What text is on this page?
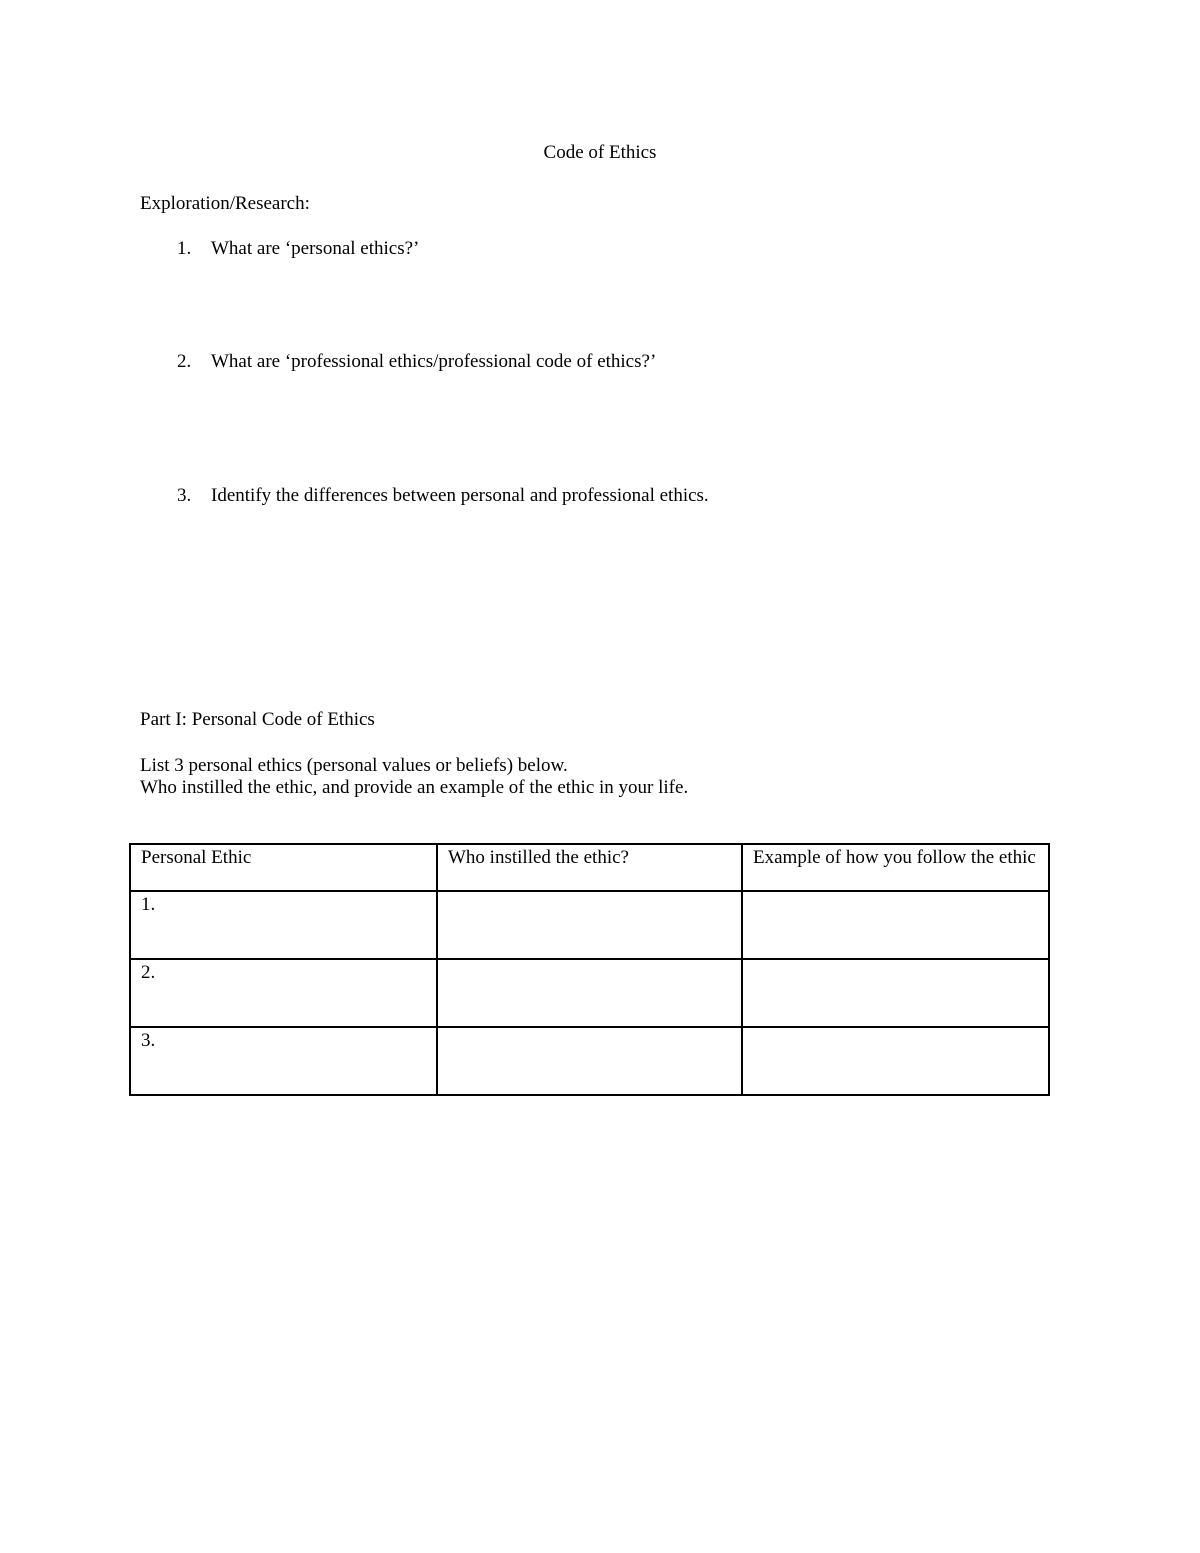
Code of Ethics
Exploration/Research:
1. What are ‘personal ethics?’
2. What are ‘professional ethics/professional code of ethics?’
3. Identify the differences between personal and professional ethics.
Part I: Personal Code of Ethics
List 3 personal ethics (personal values or beliefs) below.
Who instilled the ethic, and provide an example of the ethic in your life.
Personal Ethic	Who instilled the ethic?	Example of how you follow the ethic
1.		
2.		
3.		
